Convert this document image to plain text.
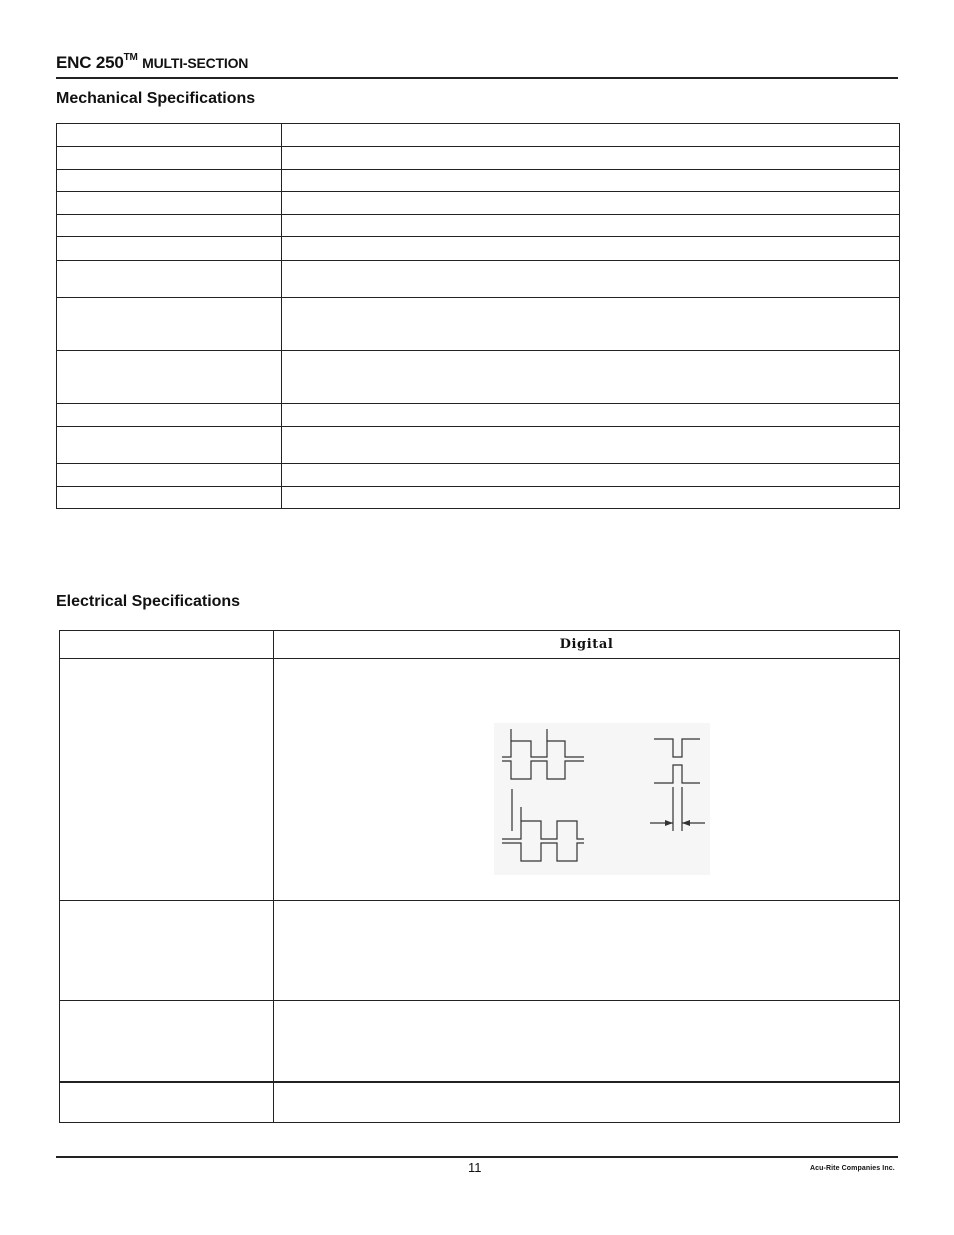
ENC 250™ MULTI-SECTION
Mechanical Specifications

Electrical Specifications
	Digital

11	Acu-Rite Companies Inc.
